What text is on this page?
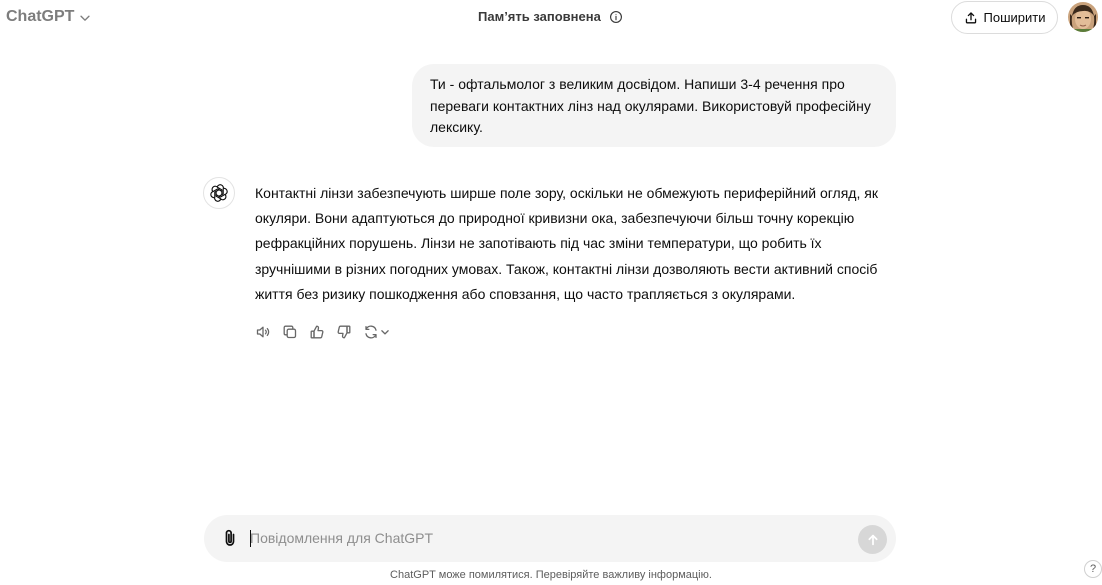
ChatGPT	Пам’ять заповнена	Поширити
Ти - офтальмолог з великим досвідом. Напиши 3-4 речення про переваги контактних лінз над окулярами. Використовуй професійну лексику.
Контактні лінзи забезпечують ширше поле зору, оскільки не обмежують периферійний огляд, як окуляри. Вони адаптуються до природної кривизни ока, забезпечуючи більш точну корекцію рефракційних порушень. Лінзи не запотівають під час зміни температури, що робить їх зручнішими в різних погодних умовах. Також, контактні лінзи дозволяють вести активний спосіб життя без ризику пошкодження або сповзання, що часто трапляється з окулярами.
Повідомлення для ChatGPT
ChatGPT може помилятися. Перевіряйте важливу інформацію.	?
